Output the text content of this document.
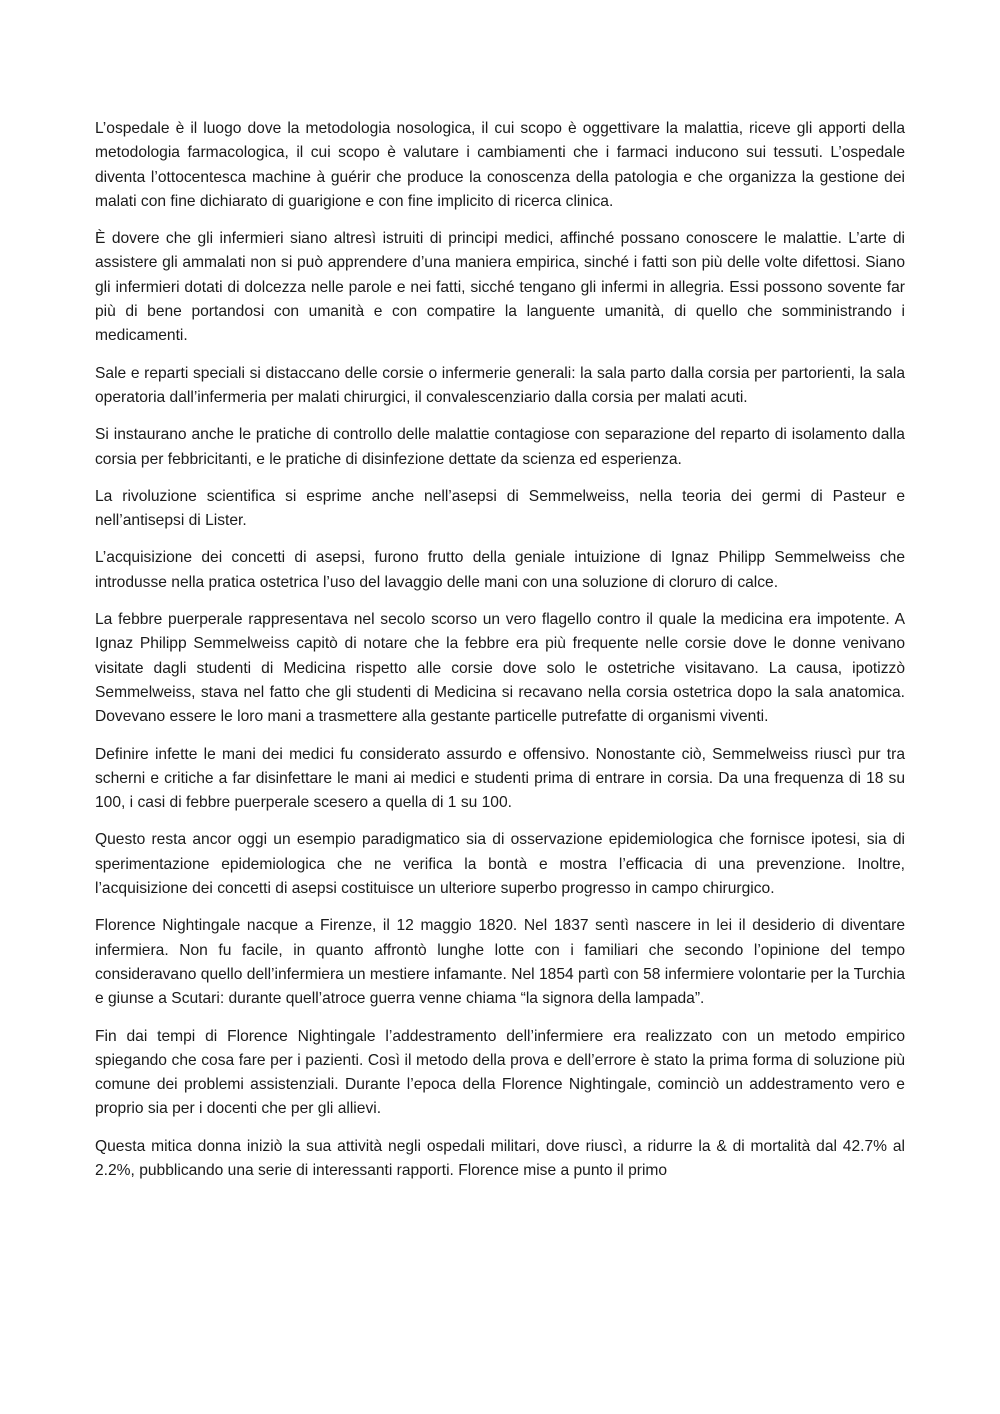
L’ospedale è il luogo dove la metodologia nosologica, il cui scopo è oggettivare la malattia, riceve gli apporti della metodologia farmacologica, il cui scopo è valutare i cambiamenti che i farmaci inducono sui tessuti. L’ospedale diventa l’ottocentesca machine à guérir che produce la conoscenza della patologia e che organizza la gestione dei malati con fine dichiarato di guarigione e con fine implicito di ricerca clinica.

È dovere che gli infermieri siano altresì istruiti di principi medici, affinché possano conoscere le malattie. L’arte di assistere gli ammalati non si può apprendere d’una maniera empirica, sinché i fatti son più delle volte difettosi. Siano gli infermieri dotati di dolcezza nelle parole e nei fatti, sicché tengano gli infermi in allegria. Essi possono sovente far più di bene portandosi con umanità e con compatire la languente umanità, di quello che somministrando i medicamenti.

Sale e reparti speciali si distaccano delle corsie o infermerie generali: la sala parto dalla corsia per partorienti, la sala operatoria dall’infermeria per malati chirurgici, il convalescenziario dalla corsia per malati acuti.

Si instaurano anche le pratiche di controllo delle malattie contagiose con separazione del reparto di isolamento dalla corsia per febbricitanti, e le pratiche di disinfezione dettate da scienza ed esperienza.

La rivoluzione scientifica si esprime anche nell’asepsi di Semmelweiss, nella teoria dei germi di Pasteur e nell’antisepsi di Lister.

L’acquisizione dei concetti di asepsi, furono frutto della geniale intuizione di Ignaz Philipp Semmelweiss che introdusse nella pratica ostetrica l’uso del lavaggio delle mani con una soluzione di cloruro di calce.

La febbre puerperale rappresentava nel secolo scorso un vero flagello contro il quale la medicina era impotente. A Ignaz Philipp Semmelweiss capitò di notare che la febbre era più frequente nelle corsie dove le donne venivano visitate dagli studenti di Medicina rispetto alle corsie dove solo le ostetriche visitavano. La causa, ipotizzò Semmelweiss, stava nel fatto che gli studenti di Medicina si recavano nella corsia ostetrica dopo la sala anatomica. Dovevano essere le loro mani a trasmettere alla gestante particelle putrefatte di organismi viventi.

Definire infette le mani dei medici fu considerato assurdo e offensivo. Nonostante ciò, Semmelweiss riuscì pur tra scherni e critiche a far disinfettare le mani ai medici e studenti prima di entrare in corsia. Da una frequenza di 18 su 100, i casi di febbre puerperale scesero a quella di 1 su 100.

Questo resta ancor oggi un esempio paradigmatico sia di osservazione epidemiologica che fornisce ipotesi, sia di sperimentazione epidemiologica che ne verifica la bontà e mostra l’efficacia di una prevenzione. Inoltre, l’acquisizione dei concetti di asepsi costituisce un ulteriore superbo progresso in campo chirurgico.

Florence Nightingale nacque a Firenze, il 12 maggio 1820. Nel 1837 sentì nascere in lei il desiderio di diventare infermiera. Non fu facile, in quanto affrontò lunghe lotte con i familiari che secondo l’opinione del tempo consideravano quello dell’infermiera un mestiere infamante. Nel 1854 partì con 58 infermiere volontarie per la Turchia e giunse a Scutari: durante quell’atroce guerra venne chiama “la signora della lampada”.

Fin dai tempi di Florence Nightingale l’addestramento dell’infermiere era realizzato con un metodo empirico spiegando che cosa fare per i pazienti. Così il metodo della prova e dell’errore è stato la prima forma di soluzione più comune dei problemi assistenziali. Durante l’epoca della Florence Nightingale, cominciò un addestramento vero e proprio sia per i docenti che per gli allievi.

Questa mitica donna iniziò la sua attività negli ospedali militari, dove riuscì, a ridurre la & di mortalità dal 42.7% al 2.2%, pubblicando una serie di interessanti rapporti. Florence mise a punto il primo
